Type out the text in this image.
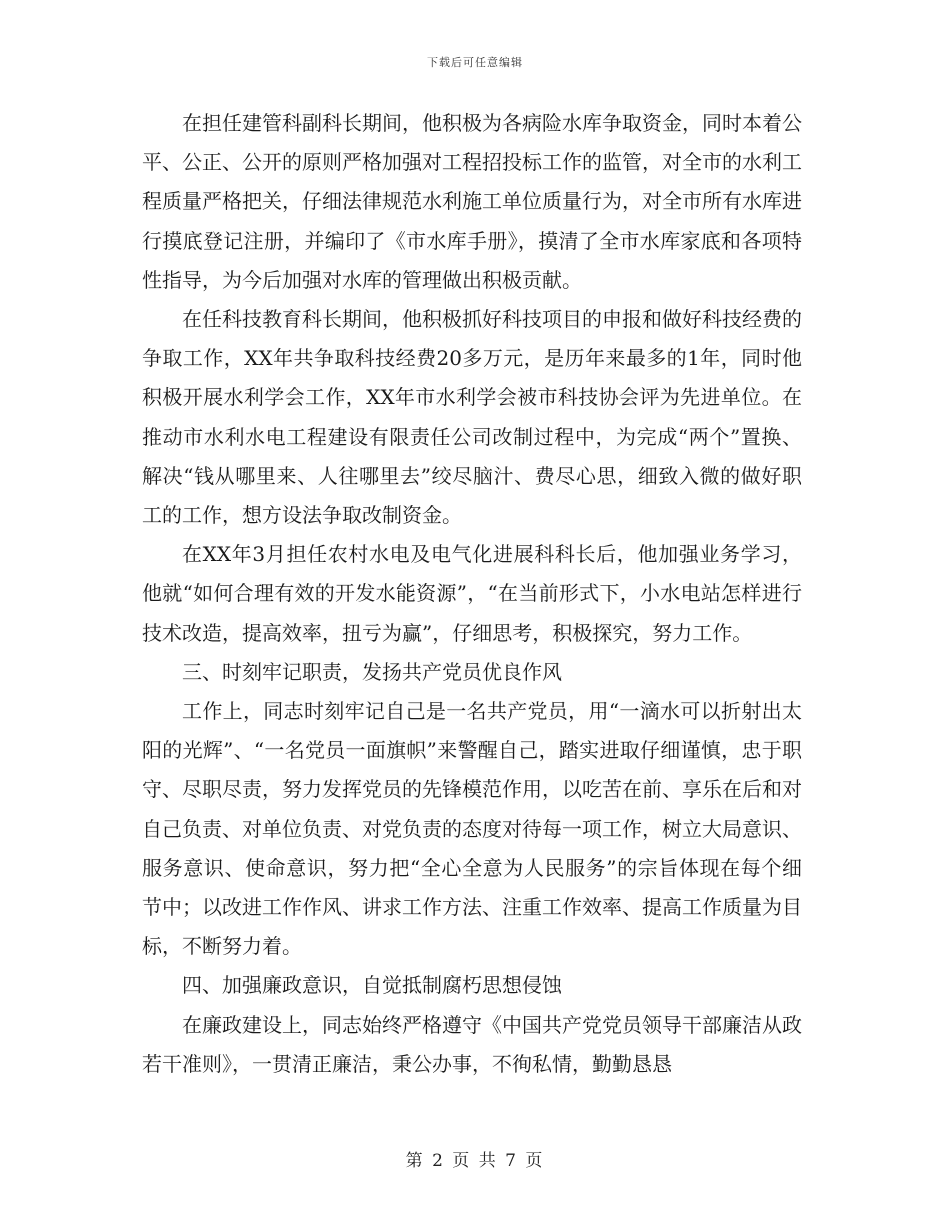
下载后可任意编辑

在担任建管科副科长期间，他积极为各病险水库争取资金，同时本着公平、公正、公开的原则严格加强对工程招投标工作的监管，对全市的水利工程质量严格把关，仔细法律规范水利施工单位质量行为，对全市所有水库进行摸底登记注册，并编印了《市水库手册》，摸清了全市水库家底和各项特性指导，为今后加强对水库的管理做出积极贡献。

在任科技教育科长期间，他积极抓好科技项目的申报和做好科技经费的争取工作，XX年共争取科技经费20多万元，是历年来最多的1年，同时他积极开展水利学会工作，XX年市水利学会被市科技协会评为先进单位。在推动市水利水电工程建设有限责任公司改制过程中，为完成“两个”置换、解决“钱从哪里来、人往哪里去”绞尽脑汁、费尽心思，细致入微的做好职工的工作，想方设法争取改制资金。

在XX年3月担任农村水电及电气化进展科科长后，他加强业务学习，他就“如何合理有效的开发水能资源”，“在当前形式下，小水电站怎样进行技术改造，提高效率，扭亏为赢”，仔细思考，积极探究，努力工作。

三、时刻牢记职责，发扬共产党员优良作风

工作上，同志时刻牢记自己是一名共产党员，用“一滴水可以折射出太阳的光辉”、“一名党员一面旗帜”来警醒自己，踏实进取仔细谨慎，忠于职守、尽职尽责，努力发挥党员的先锋模范作用，以吃苦在前、享乐在后和对自己负责、对单位负责、对党负责的态度对待每一项工作，树立大局意识、服务意识、使命意识，努力把“全心全意为人民服务”的宗旨体现在每个细节中；以改进工作作风、讲求工作方法、注重工作效率、提高工作质量为目标，不断努力着。

四、加强廉政意识，自觉抵制腐朽思想侵蚀

在廉政建设上，同志始终严格遵守《中国共产党党员领导干部廉洁从政若干准则》，一贯清正廉洁，秉公办事，不徇私情，勤勤恳恳

第 2 页 共 7 页
